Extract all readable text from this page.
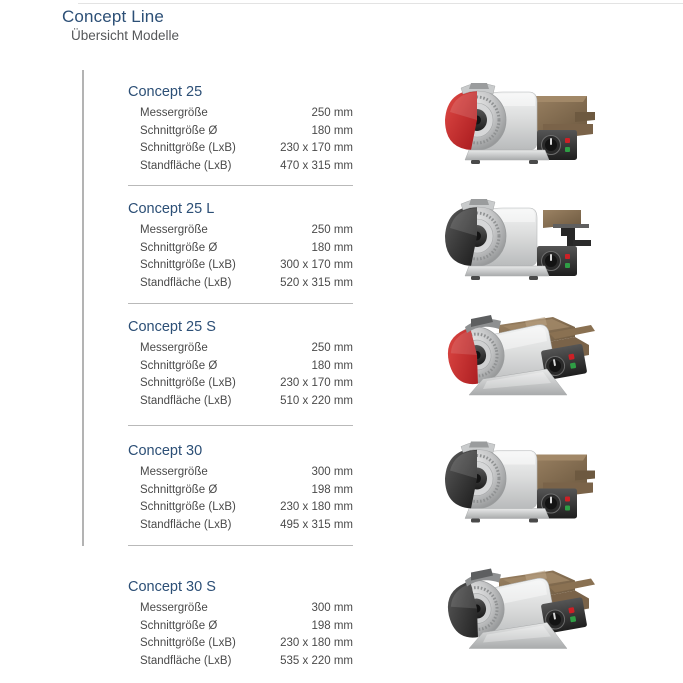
Concept Line
Übersicht Modelle
Concept 25
Messergröße	250 mm
Schnittgröße Ø	180 mm
Schnittgröße (LxB)	230 x 170 mm
Standfläche (LxB)	470 x 315 mm
Concept 25 L
Messergröße	250 mm
Schnittgröße Ø	180 mm
Schnittgröße (LxB)	300 x 170 mm
Standfläche (LxB)	520 x 315 mm
Concept 25 S
Messergröße	250 mm
Schnittgröße Ø	180 mm
Schnittgröße (LxB)	230 x 170 mm
Standfläche (LxB)	510 x 220 mm
Concept 30
Messergröße	300 mm
Schnittgröße Ø	198 mm
Schnittgröße (LxB)	230 x 180 mm
Standfläche (LxB)	495 x 315 mm
Concept 30 S
Messergröße	300 mm
Schnittgröße Ø	198 mm
Schnittgröße (LxB)	230 x 180 mm
Standfläche (LxB)	535 x 220 mm
